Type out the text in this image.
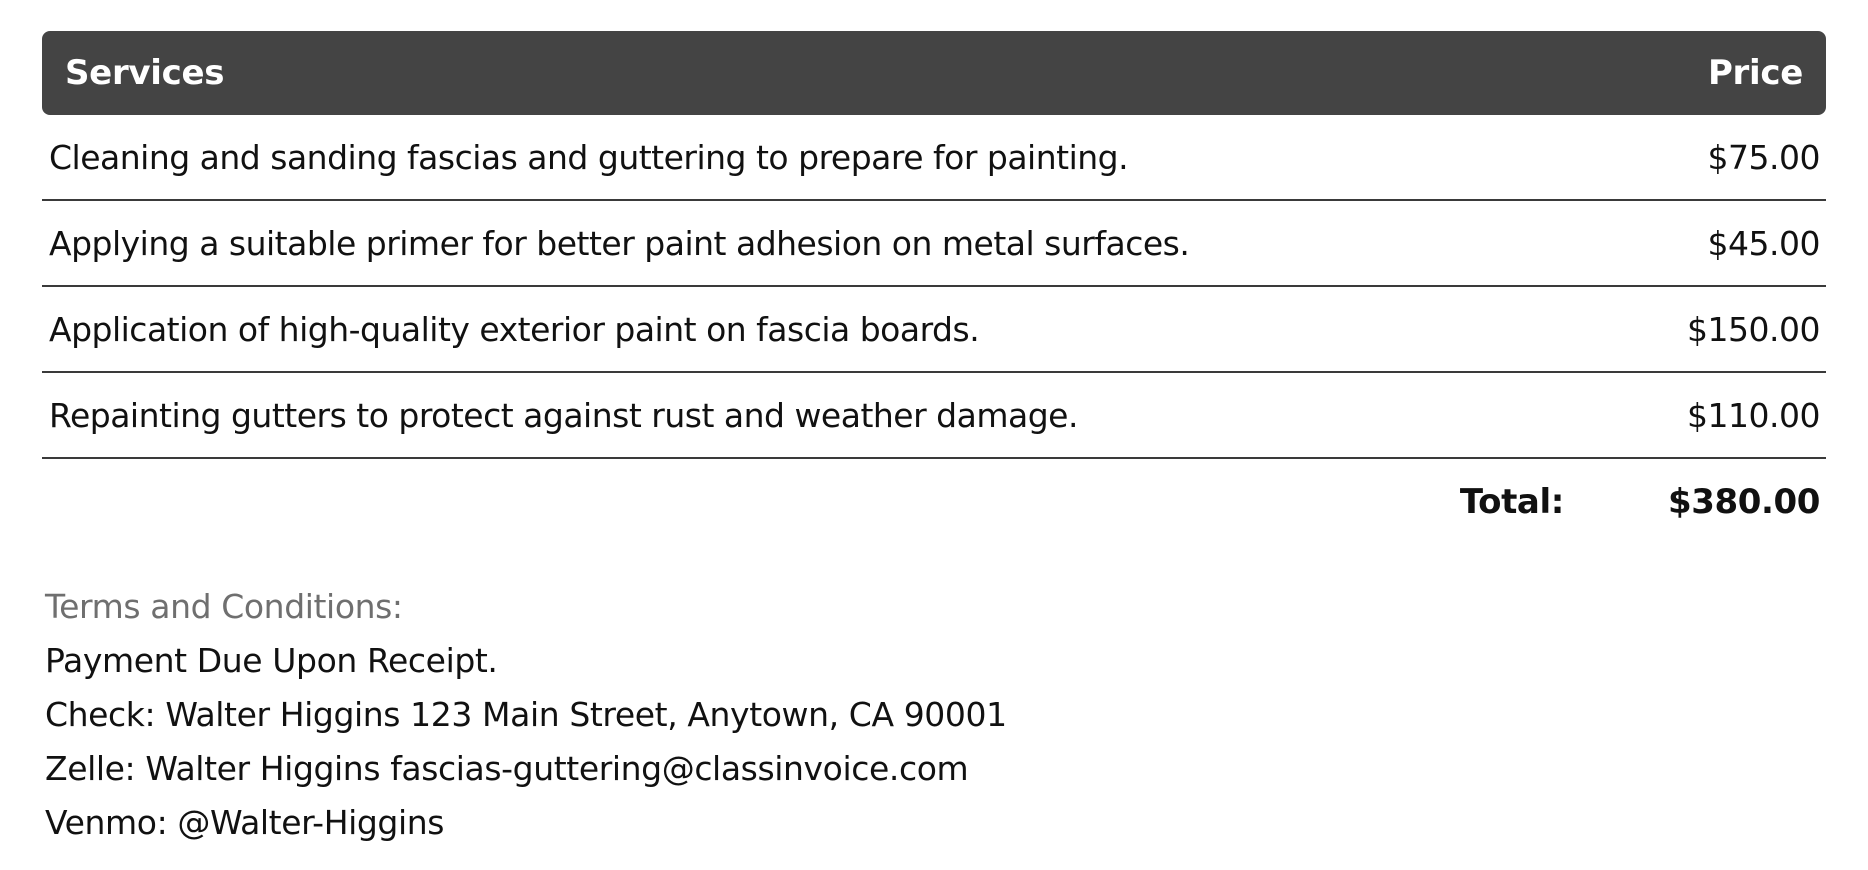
Services	Price
Cleaning and sanding fascias and guttering to prepare for painting.	$75.00
Applying a suitable primer for better paint adhesion on metal surfaces.	$45.00
Application of high-quality exterior paint on fascia boards.	$150.00
Repainting gutters to protect against rust and weather damage.	$110.00
Total:	$380.00
Terms and Conditions:
Payment Due Upon Receipt.
Check: Walter Higgins 123 Main Street, Anytown, CA 90001
Zelle: Walter Higgins fascias-guttering@classinvoice.com
Venmo: @Walter-Higgins
